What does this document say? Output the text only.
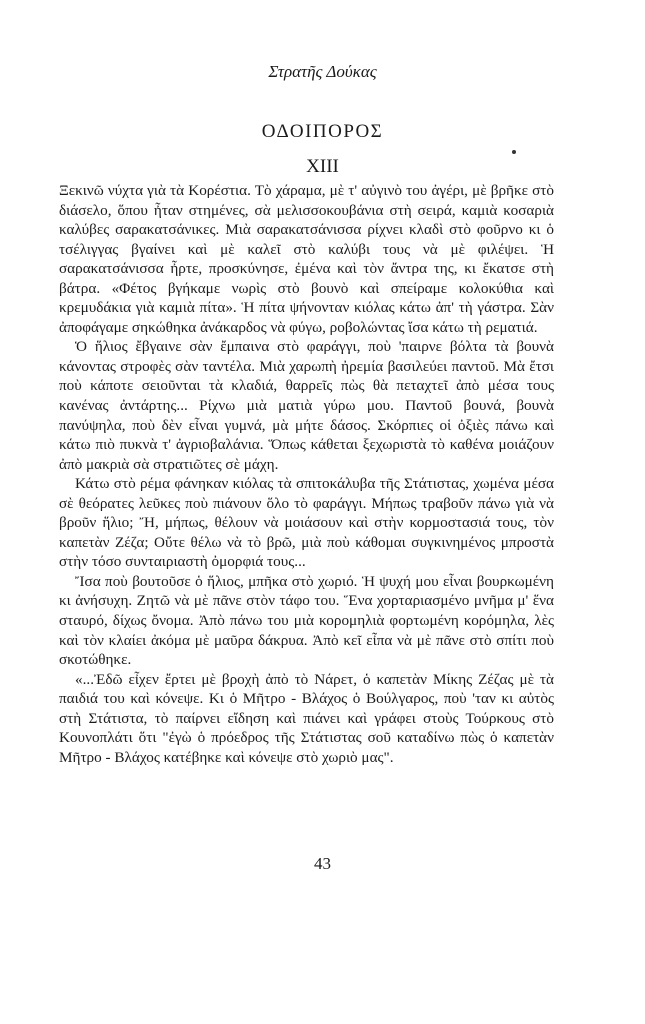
Στρατῆς Δούκας
ΟΔΟΙΠΟΡΟΣ
XIII

Ξεκινῶ νύχτα γιὰ τὰ Κορέστια. Τὸ χάραμα, μὲ τ' αὐγινὸ του ἀγέρι, μὲ βρῆκε στὸ διάσελο, ὅπου ἦταν στημένες, σὰ μελισσοκουβάνια στὴ σειρά, καμιὰ κοσαριὰ καλύβες σαρακατσάνικες. Μιὰ σαρακατσάνισσα ρίχνει κλαδὶ στὸ φοῦρνο κι ὁ τσέλιγγας βγαίνει καὶ μὲ καλεῖ στὸ καλύβι τους νὰ μὲ φιλέψει. Ἡ σαρακατσάνισσα ἦρτε, προσκύνησε, ἐμένα καὶ τὸν ἄντρα της, κι ἔκατσε στὴ βάτρα. «Φέτος βγήκαμε νωρὶς στὸ βουνὸ καὶ σπείραμε κολοκύθια καὶ κρεμυδάκια γιὰ καμιὰ πίτα». Ἡ πίτα ψήνονταν κιόλας κάτω ἀπ' τὴ γάστρα. Σὰν ἀποφάγαμε σηκώθηκα ἀνάκαρδος νὰ φύγω, ροβολώντας ἴσα κάτω τὴ ρεματιά.

Ὁ ἥλιος ἔβγαινε σὰν ἔμπαινα στὸ φαράγγι, ποὺ 'παιρνε βόλτα τὰ βουνὰ κάνοντας στροφὲς σὰν ταντέλα. Μιὰ χαρωπὴ ἠρεμία βασιλεύει παντοῦ. Μὰ ἔτσι ποὺ κάποτε σειοῦνται τὰ κλαδιά, θαρρεῖς πὼς θὰ πεταχτεῖ ἀπὸ μέσα τους κανένας ἀντάρτης... Ρίχνω μιὰ ματιὰ γύρω μου. Παντοῦ βουνά, βουνὰ πανύψηλα, ποὺ δὲν εἶναι γυμνά, μὰ μήτε δάσος. Σκόρπιες οἱ ὀξιὲς πάνω καὶ κάτω πιὸ πυκνὰ τ' ἀγριοβαλάνια. Ὅπως κάθεται ξεχωριστὰ τὸ καθένα μοιάζουν ἀπὸ μακριὰ σὰ στρατιῶτες σὲ μάχη.

Κάτω στὸ ρέμα φάνηκαν κιόλας τὰ σπιτοκάλυβα τῆς Στάτιστας, χωμένα μέσα σὲ θεόρατες λεῦκες ποὺ πιάνουν ὅλο τὸ φαράγγι. Μήπως τραβοῦν πάνω γιὰ νὰ βροῦν ἥλιο; Ἤ, μήπως, θέλουν νὰ μοιάσουν καὶ στὴν κορμοστασιά τους, τὸν καπετὰν Ζέζα; Οὔτε θέλω νὰ τὸ βρῶ, μιὰ ποὺ κάθομαι συγκινημένος μπροστὰ στὴν τόσο συνταιριαστὴ ὀμορφιά τους...

Ἴσα ποὺ βουτοῦσε ὁ ἥλιος, μπῆκα στὸ χωριό. Ἡ ψυχή μου εἶναι βουρκωμένη κι ἀνήσυχη. Ζητῶ νὰ μὲ πᾶνε στὸν τάφο του. Ἕνα χορταριασμένο μνῆμα μ' ἕνα σταυρό, δίχως ὄνομα. Ἀπὸ πάνω του μιὰ κορομηλιὰ φορτωμένη κορόμηλα, λὲς καὶ τὸν κλαίει ἀκόμα μὲ μαῦρα δάκρυα. Ἀπὸ κεῖ εἶπα νὰ μὲ πᾶνε στὸ σπίτι ποὺ σκοτώθηκε.

«...Ἐδῶ εἶχεν ἔρτει μὲ βροχὴ ἀπὸ τὸ Νάρετ, ὁ καπετὰν Μίκης Ζέζας μὲ τὰ παιδιά του καὶ κόνεψε. Κι ὁ Μῆτρο - Βλάχος ὁ Βούλγαρος, ποὺ 'ταν κι αὐτὸς στὴ Στάτιστα, τὸ παίρνει εἴδηση καὶ πιάνει καὶ γράφει στοὺς Τούρκους στὸ Κουνοπλάτι ὅτι "ἐγὼ ὁ πρόεδρος τῆς Στάτιστας σοῦ καταδίνω πὼς ὁ καπετὰν Μῆτρο - Βλάχος κατέβηκε καὶ κόνεψε στὸ χωριὸ μας".

43
